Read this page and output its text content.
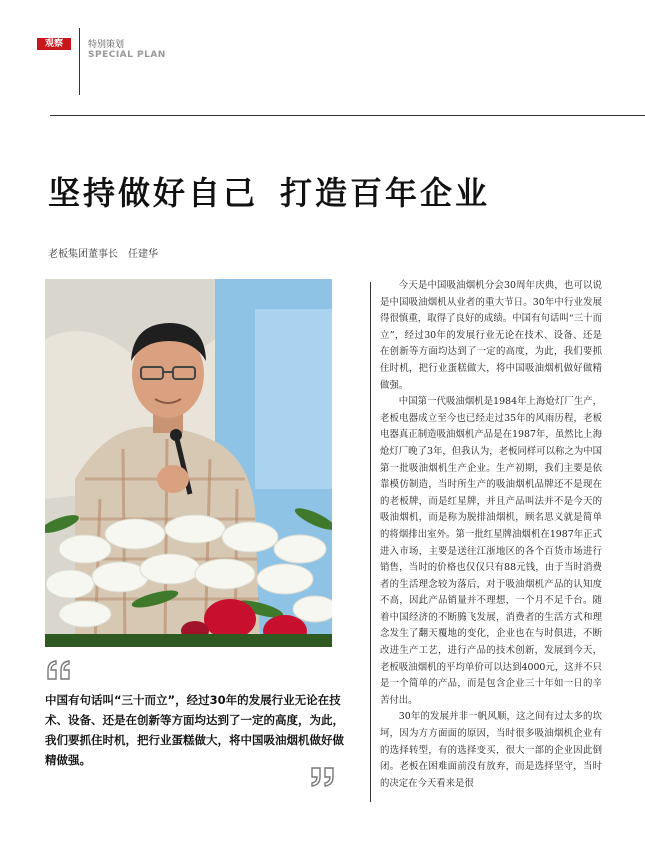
观察	特别策划
SPECIAL PLAN
坚持做好自己 打造百年企业
老板集团董事长 任建华
中国有句话叫“三十而立”，经过30年的发展行业无论在技术、设备、还是在创新等方面均达到了一定的高度，为此，我们要抓住时机，把行业蛋糕做大，将中国吸油烟机做好做精做强。

今天是中国吸油烟机分会30周年庆典，也可以说是中国吸油烟机从业者的重大节日。30年中行业发展得很慎重，取得了良好的成绩。中国有句话叫“三十而立”，经过30年的发展行业无论在技术、设备、还是在创新等方面均达到了一定的高度，为此，我们要抓住时机，把行业蛋糕做大，将中国吸油烟机做好做精做强。

中国第一代吸油烟机是1984年上海炝灯厂生产，老板电器成立至今也已经走过35年的风雨历程，老板电器真正制造吸油烟机产品是在1987年，虽然比上海炝灯厂晚了3年，但我认为，老板同样可以称之为中国第一批吸油烟机生产企业。生产初期，我们主要是依靠模仿制造，当时所生产的吸油烟机品牌还不是现在的老板牌，而是红星牌，并且产品叫法并不是今天的吸油烟机，而是称为脱排油烟机，顾名思义就是简单的将烟排出室外。第一批红星牌油烟机在1987年正式进入市场，主要是送往江浙地区的各个百货市场进行销售，当时的价格也仅仅只有88元钱，由于当时消费者的生活理念较为落后，对于吸油烟机产品的认知度不高，因此产品销量并不理想，一个月不足千台。随着中国经济的不断腾飞发展，消费者的生活方式和理念发生了翻天覆地的变化，企业也在与时俱进，不断改进生产工艺，进行产品的技术创新，发展到今天，老板吸油烟机的平均单价可以达到4000元，这并不只是一个简单的产品，而是包含企业三十年如一日的辛苦付出。

30年的发展并非一帆风顺，这之间有过太多的坎坷，因为方方面面的原因，当时很多吸油烟机企业有的选择转型，有的选择变买，很大一部的企业因此倒闭。老板在困难面前没有放弃，而是选择坚守，当时的决定在今天看来是很
